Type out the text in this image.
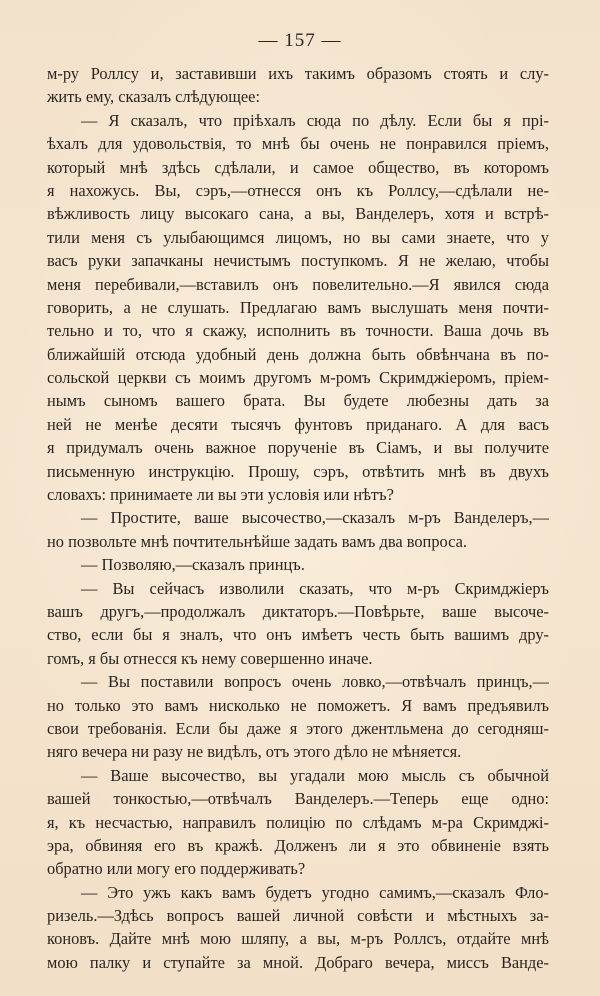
— 157 —
м-ру Роллсу и, заставивши ихъ такимъ образомъ стоять и слу-
жить ему, сказалъ слѣдующее:
— Я сказалъ, что пріѣхалъ сюда по дѣлу. Если бы я прі-
ѣхалъ для удовольствія, то мнѣ бы очень не понравился пріемъ,
который мнѣ здѣсь сдѣлали, и самое общество, въ которомъ
я нахожусь. Вы, сэръ,—отнесся онъ къ Роллсу,—сдѣлали не-
вѣжливость лицу высокаго сана, а вы, Ванделеръ, хотя и встрѣ-
тили меня съ улыбающимся лицомъ, но вы сами знаете, что у
васъ руки запачканы нечистымъ поступкомъ. Я не желаю, чтобы
меня перебивали,—вставилъ онъ повелительно.—Я явился сюда
говорить, а не слушать. Предлагаю вамъ выслушать меня почти-
тельно и то, что я скажу, исполнить въ точности. Ваша дочь въ
ближайшій отсюда удобный день должна быть обвѣнчана въ по-
сольской церкви съ моимъ другомъ м-ромъ Скримджіеромъ, пріем-
нымъ сыномъ вашего брата. Вы будете любезны дать за
ней не менѣе десяти тысячъ фунтовъ приданаго. А для васъ
я придумалъ очень важное порученіе въ Сіамъ, и вы получите
письменную инструкцію. Прошу, сэръ, отвѣтить мнѣ въ двухъ
словахъ: принимаете ли вы эти условія или нѣтъ?
— Простите, ваше высочество,—сказалъ м-ръ Ванделеръ,—
но позвольте мнѣ почтительнѣйше задать вамъ два вопроса.
— Позволяю,—сказалъ принцъ.
— Вы сейчасъ изволили сказать, что м-ръ Скримджіеръ
вашъ другъ,—продолжалъ диктаторъ.—Повѣрьте, ваше высоче-
ство, если бы я зналъ, что онъ имѣетъ честь быть вашимъ дру-
гомъ, я бы отнесся къ нему совершенно иначе.
— Вы поставили вопросъ очень ловко,—отвѣчалъ принцъ,—
но только это вамъ нисколько не поможетъ. Я вамъ предъявилъ
свои требованія. Если бы даже я этого джентльмена до сегодняш-
няго вечера ни разу не видѣлъ, отъ этого дѣло не мѣняется.
— Ваше высочество, вы угадали мою мысль съ обычной
вашей тонкостью,—отвѣчалъ Ванделеръ.—Теперь еще одно:
я, къ несчастью, направилъ полицію по слѣдамъ м-ра Скримджі-
эра, обвиняя его въ кражѣ. Долженъ ли я это обвиненіе взять
обратно или могу его поддерживать?
— Это ужъ какъ вамъ будетъ угодно самимъ,—сказалъ Фло-
ризель.—Здѣсь вопросъ вашей личной совѣсти и мѣстныхъ за-
коновъ. Дайте мнѣ мою шляпу, а вы, м-ръ Роллсъ, отдайте мнѣ
мою палку и ступайте за мной. Добраго вечера, миссъ Ванде-
